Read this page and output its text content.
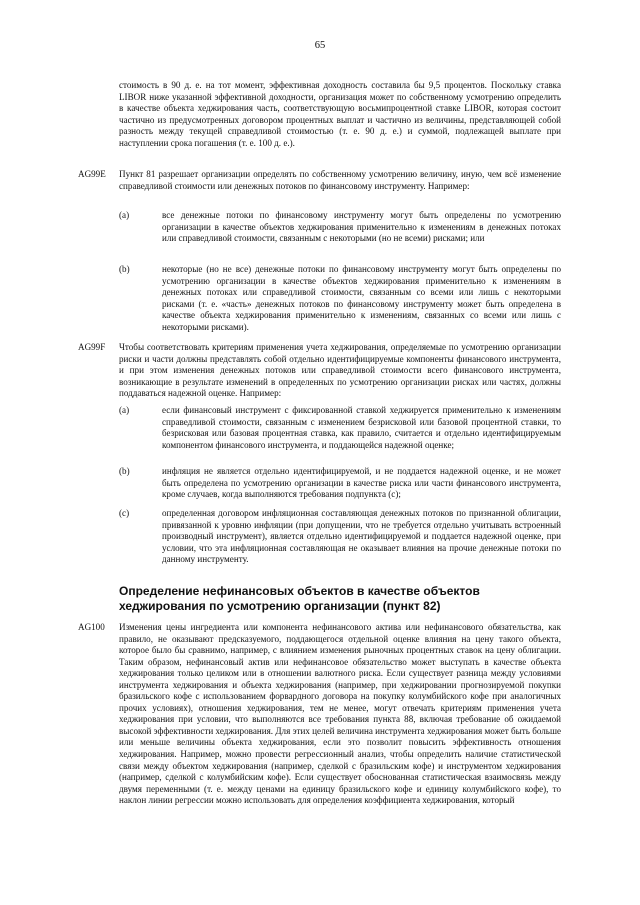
65
стоимость в 90 д. е. на тот момент, эффективная доходность составила бы 9,5 процентов. Поскольку ставка LIBOR ниже указанной эффективной доходности, организация может по собственному усмотрению определить в качестве объекта хеджирования часть, соответствующую восьмипроцентной ставке LIBOR, которая состоит частично из предусмотренных договором процентных выплат и частично из величины, представляющей собой разность между текущей справедливой стоимостью (т. е. 90 д. е.) и суммой, подлежащей выплате при наступлении срока погашения (т. е. 100 д. е.).
AG99E Пункт 81 разрешает организации определять по собственному усмотрению величину, иную, чем всё изменение справедливой стоимости или денежных потоков по финансовому инструменту. Например:
(a)	все денежные потоки по финансовому инструменту могут быть определены по усмотрению организации в качестве объектов хеджирования применительно к изменениям в денежных потоках или справедливой стоимости, связанным с некоторыми (но не всеми) рисками; или
(b)	некоторые (но не все) денежные потоки по финансовому инструменту могут быть определены по усмотрению организации в качестве объектов хеджирования применительно к изменениям в денежных потоках или справедливой стоимости, связанным со всеми или лишь с некоторыми рисками (т. е. «часть» денежных потоков по финансовому инструменту может быть определена в качестве объекта хеджирования применительно к изменениям, связанных со всеми или лишь с некоторыми рисками).
AG99F Чтобы соответствовать критериям применения учета хеджирования, определяемые по усмотрению организации риски и части должны представлять собой отдельно идентифицируемые компоненты финансового инструмента, и при этом изменения денежных потоков или справедливой стоимости всего финансового инструмента, возникающие в результате изменений в определенных по усмотрению организации рисках или частях, должны поддаваться надежной оценке. Например:
(a)	если финансовый инструмент с фиксированной ставкой хеджируется применительно к изменениям справедливой стоимости, связанным с изменением безрисковой или базовой процентной ставки, то безрисковая или базовая процентная ставка, как правило, считается и отдельно идентифицируемым компонентом финансового инструмента, и поддающейся надежной оценке;
(b)	инфляция не является отдельно идентифицируемой, и не поддается надежной оценке, и не может быть определена по усмотрению организации в качестве риска или части финансового инструмента, кроме случаев, когда выполняются требования подпункта (c);
(c)	определенная договором инфляционная составляющая денежных потоков по признанной облигации, привязанной к уровню инфляции (при допущении, что не требуется отдельно учитывать встроенный производный инструмент), является отдельно идентифицируемой и поддается надежной оценке, при условии, что эта инфляционная составляющая не оказывает влияния на прочие денежные потоки по данному инструменту.
Определение нефинансовых объектов в качестве объектов хеджирования по усмотрению организации (пункт 82)
AG100 Изменения цены ингредиента или компонента нефинансового актива или нефинансового обязательства, как правило, не оказывают предсказуемого, поддающегося отдельной оценке влияния на цену такого объекта, которое было бы сравнимо, например, с влиянием изменения рыночных процентных ставок на цену облигации. Таким образом, нефинансовый актив или нефинансовое обязательство может выступать в качестве объекта хеджирования только целиком или в отношении валютного риска. Если существует разница между условиями инструмента хеджирования и объекта хеджирования (например, при хеджировании прогнозируемой покупки бразильского кофе с использованием форвардного договора на покупку колумбийского кофе при аналогичных прочих условиях), отношения хеджирования, тем не менее, могут отвечать критериям применения учета хеджирования при условии, что выполняются все требования пункта 88, включая требование об ожидаемой высокой эффективности хеджирования. Для этих целей величина инструмента хеджирования может быть больше или меньше величины объекта хеджирования, если это позволит повысить эффективность отношения хеджирования. Например, можно провести регрессионный анализ, чтобы определить наличие статистической связи между объектом хеджирования (например, сделкой с бразильским кофе) и инструментом хеджирования (например, сделкой с колумбийским кофе). Если существует обоснованная статистическая взаимосвязь между двумя переменными (т. е. между ценами на единицу бразильского кофе и единицу колумбийского кофе), то наклон линии регрессии можно использовать для определения коэффициента хеджирования, который
